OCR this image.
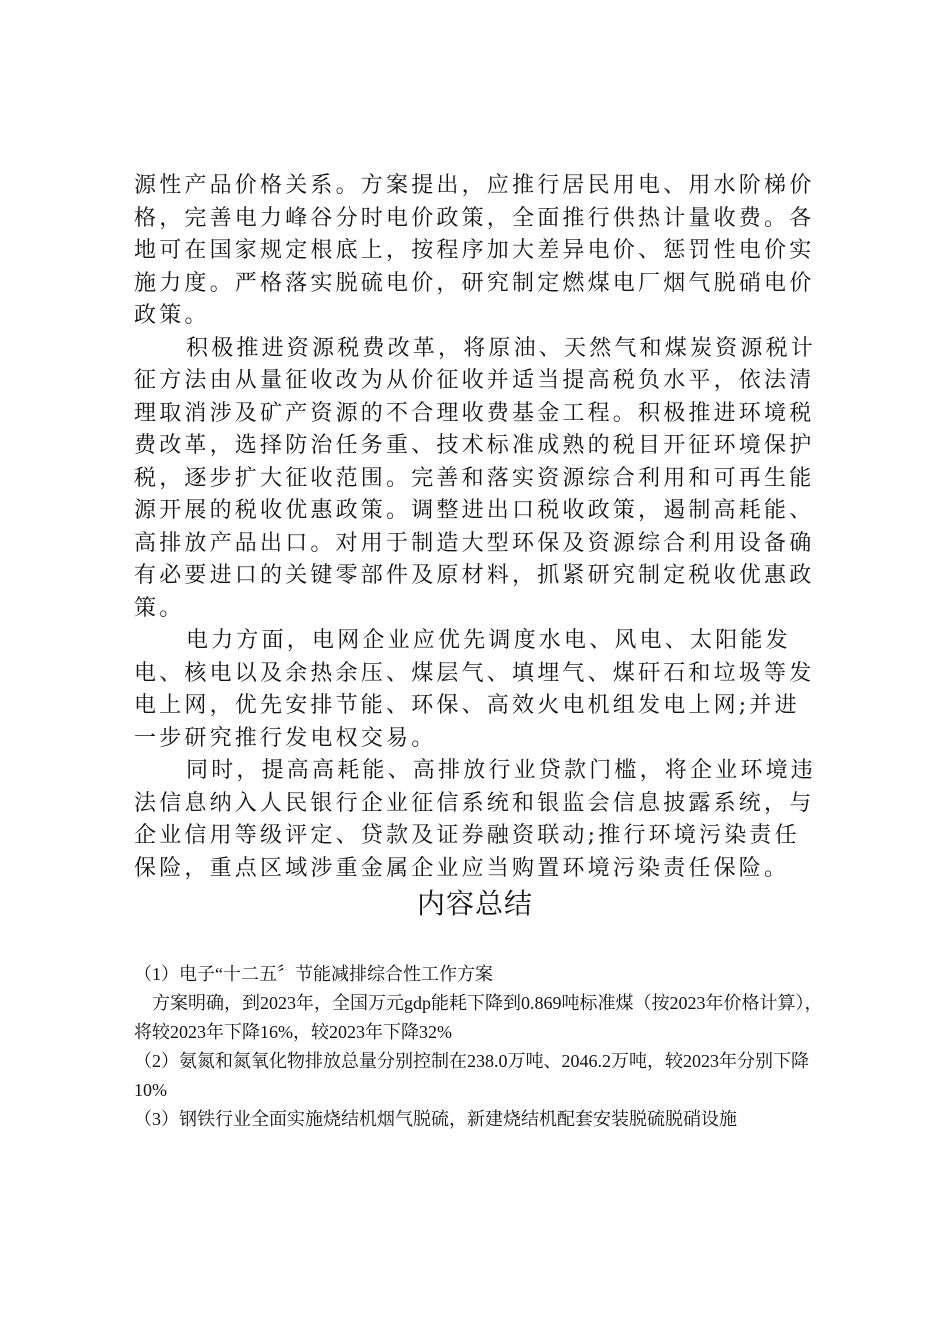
源性产品价格关系。方案提出，应推行居民用电、用水阶梯价格，完善电力峰谷分时电价政策，全面推行供热计量收费。各地可在国家规定根底上，按程序加大差异电价、惩罚性电价实施力度。严格落实脱硫电价，研究制定燃煤电厂烟气脱硝电价政策。

积极推进资源税费改革，将原油、天然气和煤炭资源税计征方法由从量征收改为从价征收并适当提高税负水平，依法清理取消涉及矿产资源的不合理收费基金工程。积极推进环境税费改革，选择防治任务重、技术标准成熟的税目开征环境保护税，逐步扩大征收范围。完善和落实资源综合利用和可再生能源开展的税收优惠政策。调整进出口税收政策，遏制高耗能、高排放产品出口。对用于制造大型环保及资源综合利用设备确有必要进口的关键零部件及原材料，抓紧研究制定税收优惠政策。

电力方面，电网企业应优先调度水电、风电、太阳能发电、核电以及余热余压、煤层气、填埋气、煤矸石和垃圾等发电上网，优先安排节能、环保、高效火电机组发电上网;并进一步研究推行发电权交易。

同时，提高高耗能、高排放行业贷款门槛，将企业环境违法信息纳入人民银行企业征信系统和银监会信息披露系统，与企业信用等级评定、贷款及证券融资联动;推行环境污染责任保险，重点区域涉重金属企业应当购置环境污染责任保险。

内容总结

（1）电子“十二五〞节能减排综合性工作方案

方案明确，到2023年，全国万元gdp能耗下降到0.869吨标准煤（按2023年价格计算），将较2023年下降16%，较2023年下降32%

（2）氨氮和氮氧化物排放总量分别控制在238.0万吨、2046.2万吨，较2023年分别下降10%

（3）钢铁行业全面实施烧结机烟气脱硫，新建烧结机配套安装脱硫脱硝设施
